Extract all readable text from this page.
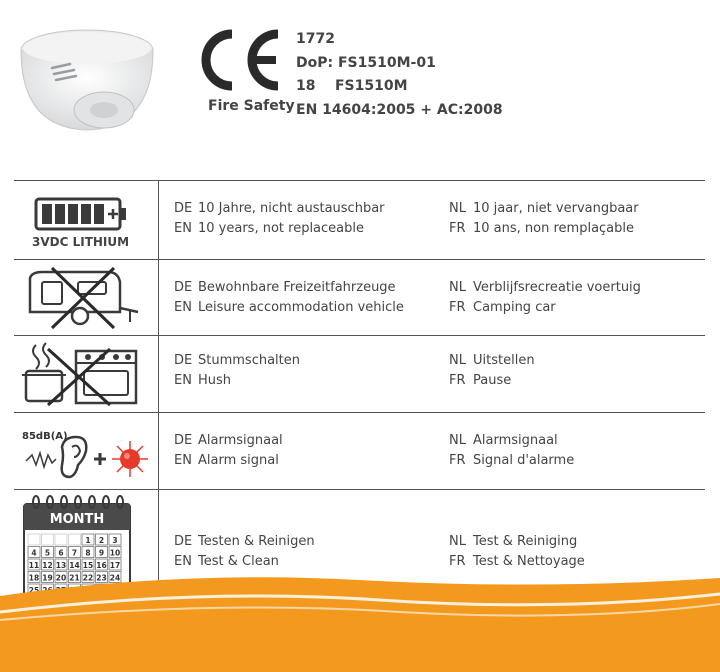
Fire Safety
1772
DoP: FS1510M-01
18    FS1510M
EN 14604:2005 + AC:2008
3VDC LITHIUM
DE 10 Jahre, nicht austauschbar
EN 10 years, not replaceable
NL 10 jaar, niet vervangbaar
FR 10 ans, non remplaçable
DE Bewohnbare Freizeitfahrzeuge
EN Leisure accommodation vehicle
NL Verblijfsrecreatie voertuig
FR Camping car
DE Stummschalten
EN Hush
NL Uitstellen
FR Pause
85dB(A)	DE Alarmsignaal
EN Alarm signal
NL Alarmsignaal
FR Signal d'alarme
MONTH
1 2 3
4 5 6 7 8 9 10
11 12 13 14 15 16 17
18 19 20 21 22 23 24
25
DE Testen & Reinigen
EN Test & Clean
NL Test & Reiniging
FR Test & Nettoyage
